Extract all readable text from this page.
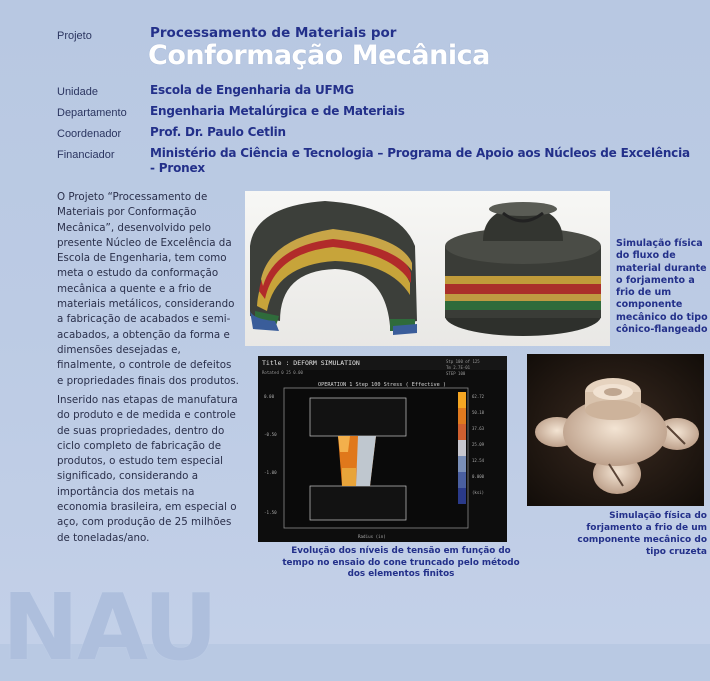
Projeto	Processamento de Materiais por
Conformação Mecânica
Unidade	Escola de Engenharia da UFMG
Departamento Engenharia Metalúrgica e de Materiais
Coordenador Prof. Dr. Paulo Cetlin
Financiador	Ministério da Ciência e Tecnologia – Programa de Apoio aos Núcleos de Excelência
- Pronex
O Projeto “Processamento de Materiais por Conformação Mecânica”, desenvolvido pelo presente Núcleo de Excelência da Escola de Engenharia, tem como meta o estudo da conformação mecânica a quente e a frio de materiais metálicos, considerando a fabricação de acabados e semi-acabados, a obtenção da forma e dimensões desejadas e, finalmente, o controle de defeitos e propriedades finais dos produtos.
Inserido nas etapas de manufatura do produto e de medida e controle de suas propriedades, dentro do ciclo completo de fabricação de produtos, o estudo tem especial significado, considerando a importância dos metais na economia brasileira, em especial o aço, com produção de 25 milhões de toneladas/ano.
Simulação física do fluxo de material durante o forjamento a frio de um componente mecânico do tipo cônico-flangeado
Title : DEFORM SIMULATION
Rotated 0 25 0.00
Stp 100 of 125
Tm 2.7E-01
STEP 100
OPERATION 1 Step 100 Stress ( Effective )
0.00
-0.50
-1.00
-1.50
Radius (in)
62.72
50.18
37.63
25.09
12.54
0.000
(ksi)
Evolução dos níveis de tensão em função do tempo no ensaio do cone truncado pelo método dos elementos finitos
Simulação física do forjamento a frio de um componente mecânico do tipo cruzeta
NAU
